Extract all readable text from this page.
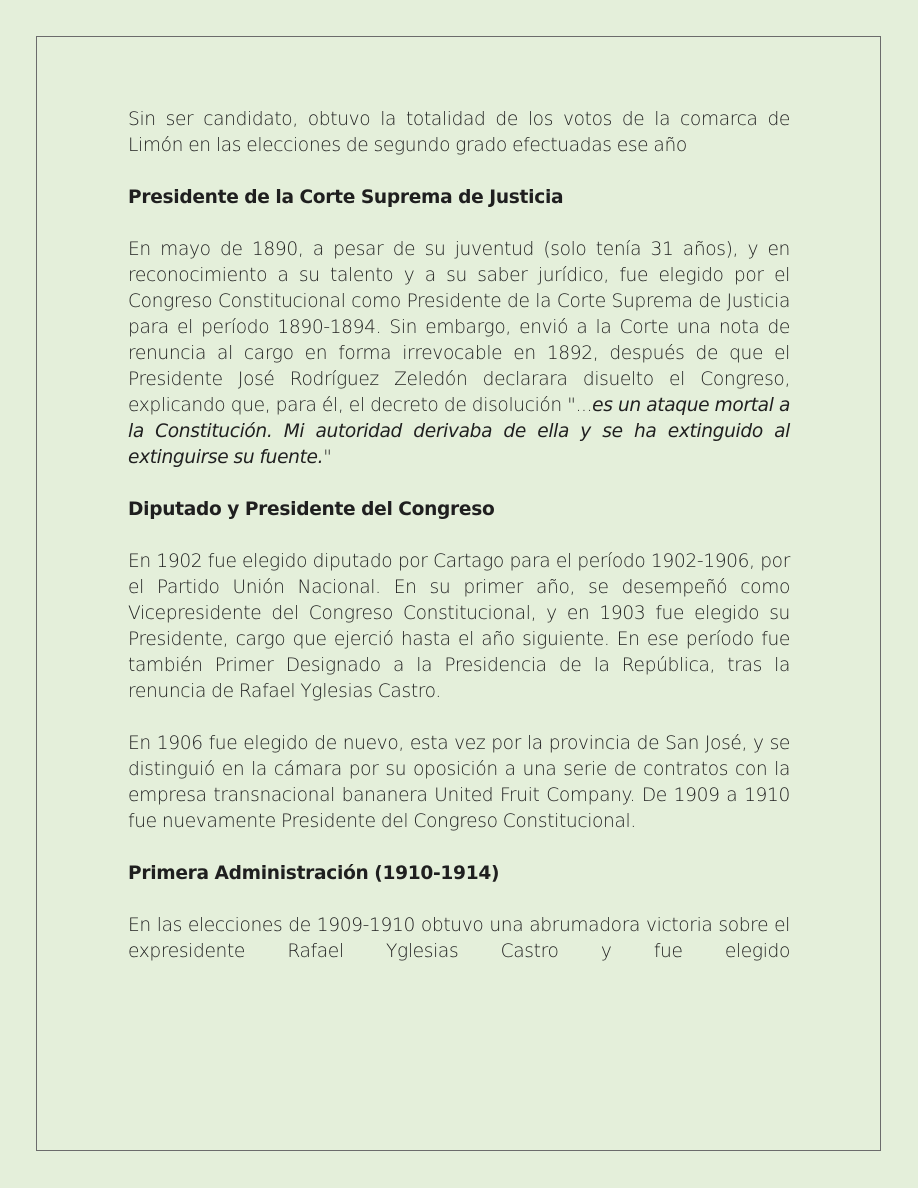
Sin ser candidato, obtuvo la totalidad de los votos de la comarca de Limón en las elecciones de segundo grado efectuadas ese año

Presidente de la Corte Suprema de Justicia

En mayo de 1890, a pesar de su juventud (solo tenía 31 años), y en reconocimiento a su talento y a su saber jurídico, fue elegido por el Congreso Constitucional como Presidente de la Corte Suprema de Justicia para el período 1890-1894. Sin embargo, envió a la Corte una nota de renuncia al cargo en forma irrevocable en 1892, después de que el Presidente José Rodríguez Zeledón declarara disuelto el Congreso, explicando que, para él, el decreto de disolución "...es un ataque mortal a la Constitución. Mi autoridad derivaba de ella y se ha extinguido al extinguirse su fuente."

Diputado y Presidente del Congreso

En 1902 fue elegido diputado por Cartago para el período 1902-1906, por el Partido Unión Nacional. En su primer año, se desempeñó como Vicepresidente del Congreso Constitucional, y en 1903 fue elegido su Presidente, cargo que ejerció hasta el año siguiente. En ese período fue también Primer Designado a la Presidencia de la República, tras la renuncia de Rafael Yglesias Castro.

En 1906 fue elegido de nuevo, esta vez por la provincia de San José, y se distinguió en la cámara por su oposición a una serie de contratos con la empresa transnacional bananera United Fruit Company. De 1909 a 1910 fue nuevamente Presidente del Congreso Constitucional.

Primera Administración (1910-1914)

En las elecciones de 1909-1910 obtuvo una abrumadora victoria sobre el expresidente Rafael Yglesias Castro y fue elegido
